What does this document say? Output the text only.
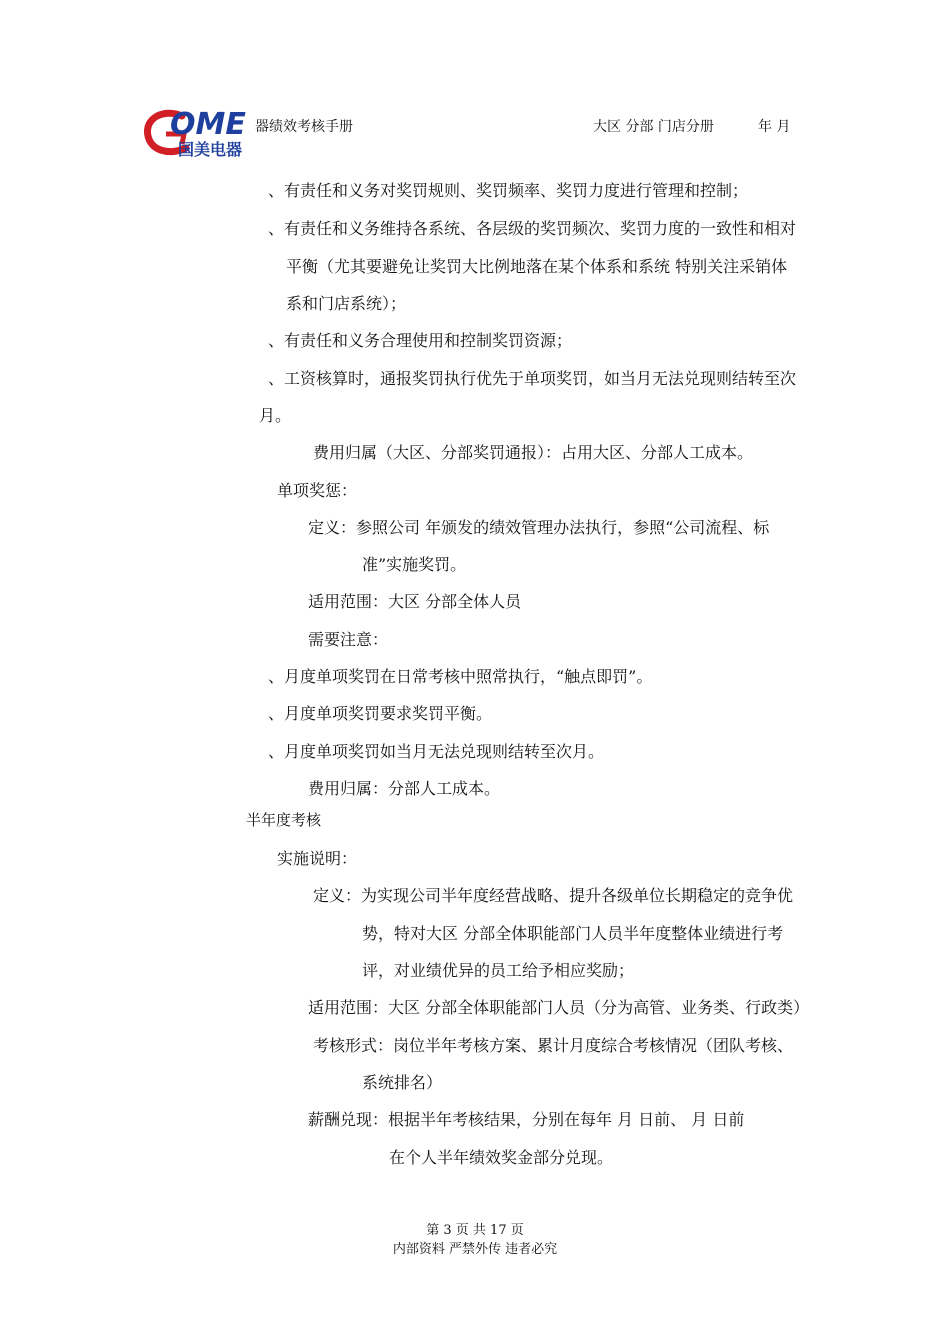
OME
国美电器
器绩效考核手册	大区 分部 门店分册	年 月
、有责任和义务对奖罚规则、奖罚频率、奖罚力度进行管理和控制；
、有责任和义务维持各系统、各层级的奖罚频次、奖罚力度的一致性和相对
平衡（尤其要避免让奖罚大比例地落在某个体系和系统 特别关注采销体
系和门店系统）；
、有责任和义务合理使用和控制奖罚资源；
、工资核算时，通报奖罚执行优先于单项奖罚，如当月无法兑现则结转至次
月。
费用归属（大区、分部奖罚通报）：占用大区、分部人工成本。
单项奖惩：
定义：参照公司 年颁发的绩效管理办法执行，参照“公司流程、标
准”实施奖罚。
适用范围：大区 分部全体人员
需要注意：
、月度单项奖罚在日常考核中照常执行，“触点即罚”。
、月度单项奖罚要求奖罚平衡。
、月度单项奖罚如当月无法兑现则结转至次月。
费用归属：分部人工成本。
半年度考核
实施说明：
定义：为实现公司半年度经营战略、提升各级单位长期稳定的竞争优
势，特对大区 分部全体职能部门人员半年度整体业绩进行考
评，对业绩优异的员工给予相应奖励；
适用范围：大区 分部全体职能部门人员（分为高管、业务类、行政类）
考核形式：岗位半年考核方案、累计月度综合考核情况（团队考核、
系统排名）
薪酬兑现：根据半年考核结果，分别在每年 月 日前、 月 日前
在个人半年绩效奖金部分兑现。
第 3 页 共 17 页
内部资料 严禁外传 违者必究
